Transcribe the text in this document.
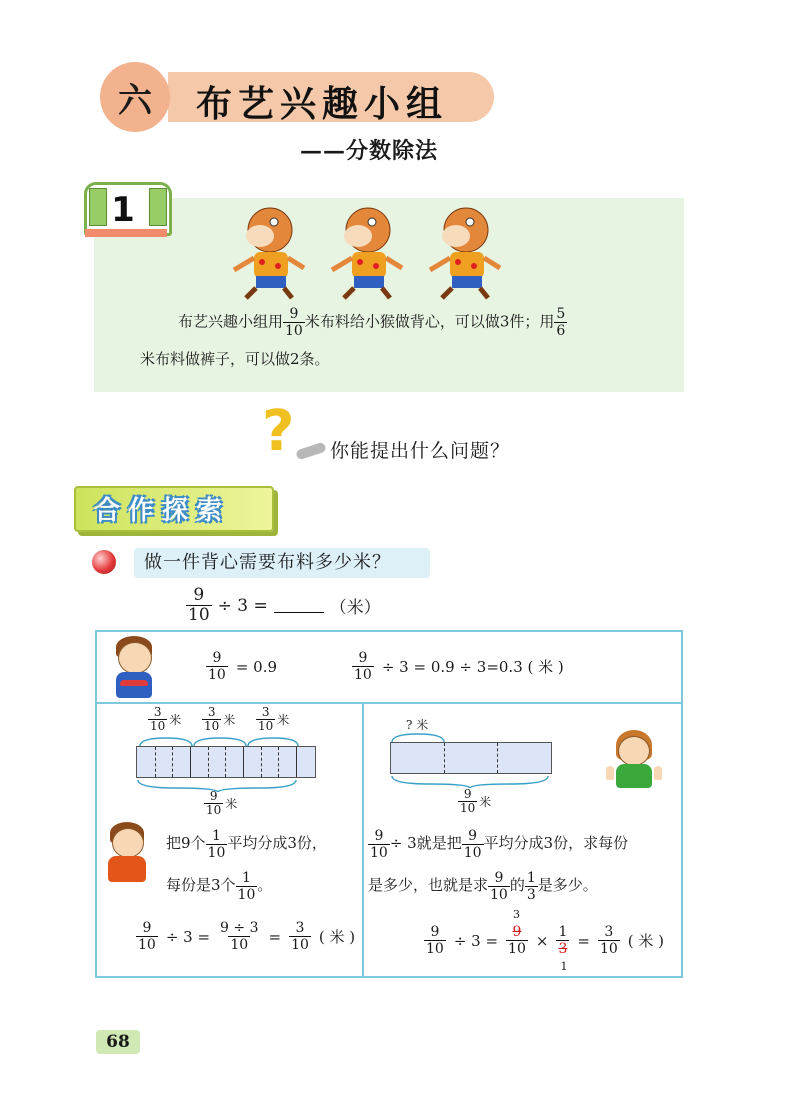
六	布艺兴趣小组
——分数除法
1
布艺兴趣小组用 $\frac{9}{10}$ 米布料给小猴做背心，可以做3件；用 $\frac{5}{6}$
米布料做裤子，可以做2条。
?	你能提出什么问题？
合作探索
做一件背心需要布料多少米？
$\frac{9}{10} \div 3$ =	（米）
$\frac{9}{10} = 0.9$	$\frac{9}{10} \div 3 = 0.9 \div 3=0.3$ ( 米 )
$\frac{3}{10}$ 米 $\frac{3}{10}$ 米 $\frac{3}{10}$ 米
$\frac{9}{10}$ 米
把9个 $\frac{1}{10}$ 平均分成3份，
每份是3个 $\frac{1}{10}$ 。
$\frac{9}{10} \div 3 = \frac{9 \div 3}{10} = \frac{3}{10}$ ( 米 )
? 米
$\frac{9}{10}$ 米
$\frac{9}{10} \div 3$就是把 $\frac{9}{10}$ 平均分成3份，求每份
是多少，也就是求 $\frac{9}{10}$ 的 $\frac{1}{3}$ 是多少。
$\frac{9}{10} \div 3$ =
3
$\frac{9}{10} \times \frac{1}{3}$
1
= $\frac{3}{10}$ ( 米 )
68
